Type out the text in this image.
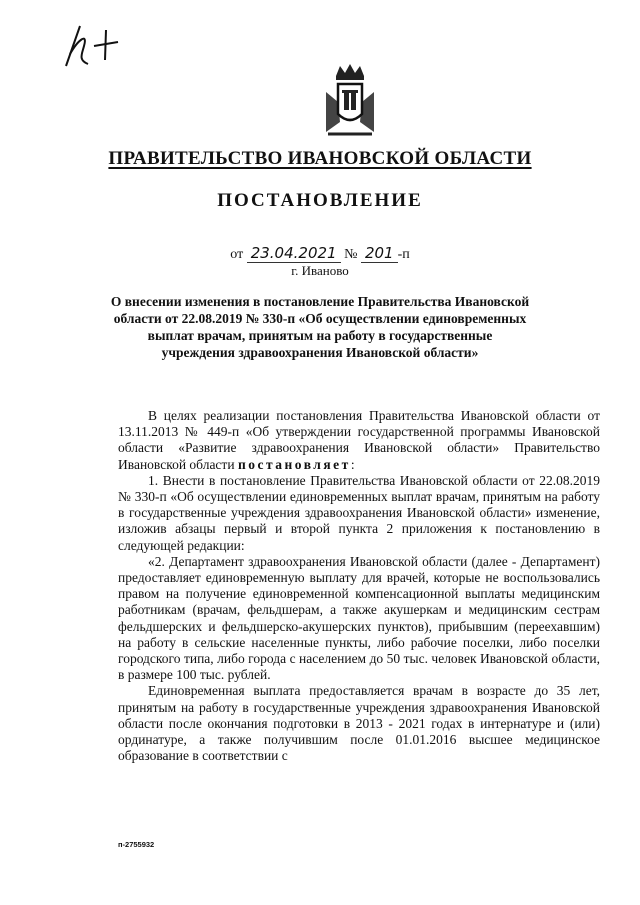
ПРАВИТЕЛЬСТВО ИВАНОВСКОЙ ОБЛАСТИ
ПОСТАНОВЛЕНИЕ
от 23.04.2021 № 201 -п
г. Иваново
О внесении изменения в постановление Правительства Ивановской области от 22.08.2019 № 330-п «Об осуществлении единовременных выплат врачам, принятым на работу в государственные учреждения здравоохранения Ивановской области»

В целях реализации постановления Правительства Ивановской области от 13.11.2013 № 449-п «Об утверждении государственной программы Ивановской области «Развитие здравоохранения Ивановской области» Правительство Ивановской области постановляет:

1. Внести в постановление Правительства Ивановской области от 22.08.2019 № 330-п «Об осуществлении единовременных выплат врачам, принятым на работу в государственные учреждения здравоохранения Ивановской области» изменение, изложив абзацы первый и второй пункта 2 приложения к постановлению в следующей редакции:

«2. Департамент здравоохранения Ивановской области (далее - Департамент) предоставляет единовременную выплату для врачей, которые не воспользовались правом на получение единовременной компенсационной выплаты медицинским работникам (врачам, фельдшерам, а также акушеркам и медицинским сестрам фельдшерских и фельдшерско-акушерских пунктов), прибывшим (переехавшим) на работу в сельские населенные пункты, либо рабочие поселки, либо поселки городского типа, либо города с населением до 50 тыс. человек Ивановской области, в размере 100 тыс. рублей.

Единовременная выплата предоставляется врачам в возрасте до 35 лет, принятым на работу в государственные учреждения здравоохранения Ивановской области после окончания подготовки в 2013 - 2021 годах в интернатуре и (или) ординатуре, а также получившим после 01.01.2016 высшее медицинское образование в соответствии с

п-2755932
